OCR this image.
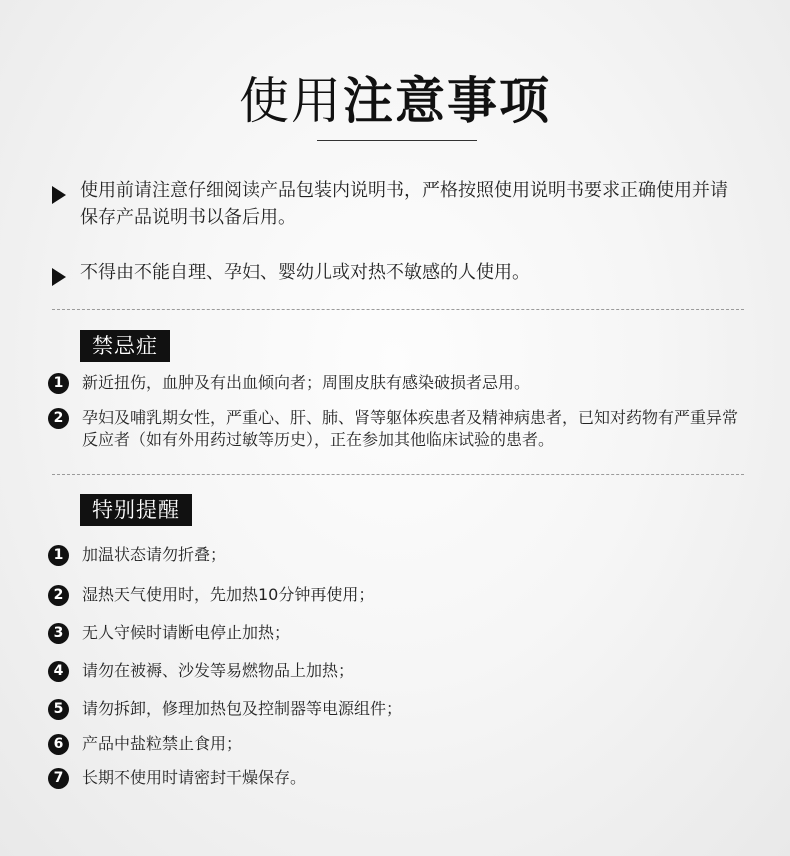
使用注意事项
使用前请注意仔细阅读产品包装内说明书，严格按照使用说明书要求正确使用并请保存产品说明书以备后用。
不得由不能自理、孕妇、婴幼儿或对热不敏感的人使用。
禁忌症
1	新近扭伤，血肿及有出血倾向者；周围皮肤有感染破损者忌用。
2	孕妇及哺乳期女性，严重心、肝、肺、肾等躯体疾患者及精神病患者，已知对药物有严重异常反应者（如有外用药过敏等历史），正在参加其他临床试验的患者。
特别提醒
1	加温状态请勿折叠；
2	湿热天气使用时，先加热10分钟再使用；
3	无人守候时请断电停止加热；
4	请勿在被褥、沙发等易燃物品上加热；
5	请勿拆卸，修理加热包及控制器等电源组件；
6	产品中盐粒禁止食用；
7	长期不使用时请密封干燥保存。
